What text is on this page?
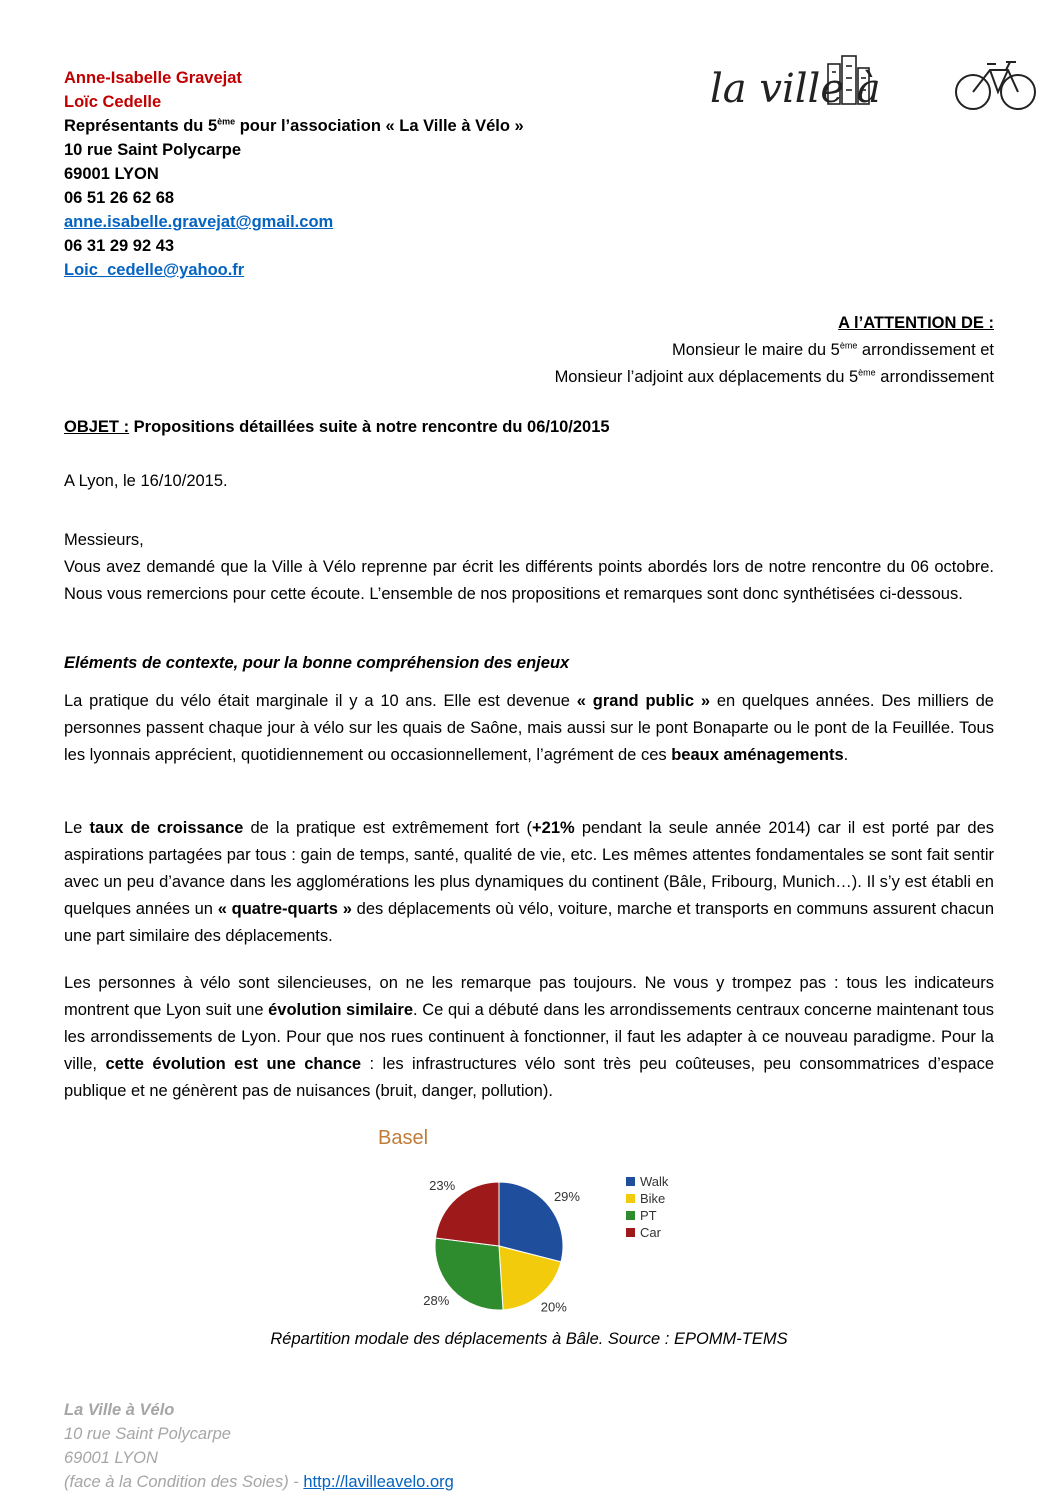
Anne-Isabelle Gravejat
Loïc Cedelle
Représentants du 5ème pour l’association « La Ville à Vélo »
10 rue Saint Polycarpe
69001 LYON
06 51 26 62 68
anne.isabelle.gravejat@gmail.com
06 31 29 92 43
Loic_cedelle@yahoo.fr
la ville à
A l’ATTENTION DE :
Monsieur le maire du 5ème arrondissement et
Monsieur l’adjoint aux déplacements du 5ème arrondissement
OBJET : Propositions détaillées suite à notre rencontre du 06/10/2015
A Lyon, le 16/10/2015.

Messieurs,

Vous avez demandé que la Ville à Vélo reprenne par écrit les différents points abordés lors de notre rencontre du 06 octobre. Nous vous remercions pour cette écoute. L’ensemble de nos propositions et remarques sont donc synthétisées ci-dessous.

Eléments de contexte, pour la bonne compréhension des enjeux

La pratique du vélo était marginale il y a 10 ans. Elle est devenue « grand public » en quelques années. Des milliers de personnes passent chaque jour à vélo sur les quais de Saône, mais aussi sur le pont Bonaparte ou le pont de la Feuillée. Tous les lyonnais apprécient, quotidiennement ou occasionnellement, l’agrément de ces beaux aménagements.

Le taux de croissance de la pratique est extrêmement fort (+21% pendant la seule année 2014) car il est porté par des aspirations partagées par tous : gain de temps, santé, qualité de vie, etc. Les mêmes attentes fondamentales se sont fait sentir avec un peu d’avance dans les agglomérations les plus dynamiques du continent (Bâle, Fribourg, Munich…). Il s’y est établi en quelques années un « quatre-quarts » des déplacements où vélo, voiture, marche et transports en communs assurent chacun une part similaire des déplacements.

Les personnes à vélo sont silencieuses, on ne les remarque pas toujours. Ne vous y trompez pas : tous les indicateurs montrent que Lyon suit une évolution similaire. Ce qui a débuté dans les arrondissements centraux concerne maintenant tous les arrondissements de Lyon. Pour que nos rues continuent à fonctionner, il faut les adapter à ce nouveau paradigme. Pour la ville, cette évolution est une chance : les infrastructures vélo sont très peu coûteuses, peu consommatrices d’espace publique et ne génèrent pas de nuisances (bruit, danger, pollution).

Basel
29%
20%
28%
23%	Walk
Bike
PT
Car
Répartition modale des déplacements à Bâle. Source : EPOMM-TEMS
La Ville à Vélo
10 rue Saint Polycarpe
69001 LYON
(face à la Condition des Soies) - http://lavilleavelo.org
